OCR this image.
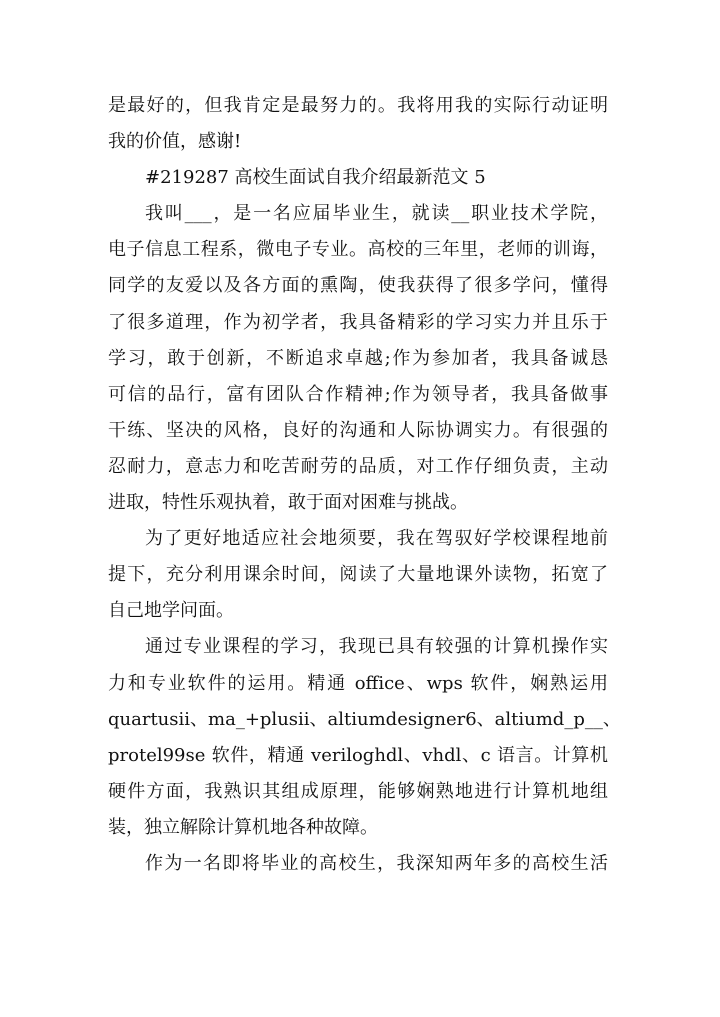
是最好的，但我肯定是最努力的。我将用我的实际行动证明
我的价值，感谢!
#219287 高校生面试自我介绍最新范文 5
我叫___，是一名应届毕业生，就读__职业技术学院，
电子信息工程系，微电子专业。高校的三年里，老师的训诲，
同学的友爱以及各方面的熏陶，使我获得了很多学问，懂得
了很多道理，作为初学者，我具备精彩的学习实力并且乐于
学习，敢于创新，不断追求卓越;作为参加者，我具备诚恳
可信的品行，富有团队合作精神;作为领导者，我具备做事
干练、坚决的风格，良好的沟通和人际协调实力。有很强的
忍耐力，意志力和吃苦耐劳的品质，对工作仔细负责，主动
进取，特性乐观执着，敢于面对困难与挑战。
为了更好地适应社会地须要，我在驾驭好学校课程地前
提下，充分利用课余时间，阅读了大量地课外读物，拓宽了
自己地学问面。
通过专业课程的学习，我现已具有较强的计算机操作实
力和专业软件的运用。精通 office、wps 软件，娴熟运用
quartusii、ma_+plusii、altiumdesigner6、altiumd_p__、
protel99se 软件，精通 veriloghdl、vhdl、c 语言。计算机
硬件方面，我熟识其组成原理，能够娴熟地进行计算机地组
装，独立解除计算机地各种故障。
作为一名即将毕业的高校生，我深知两年多的高校生活
